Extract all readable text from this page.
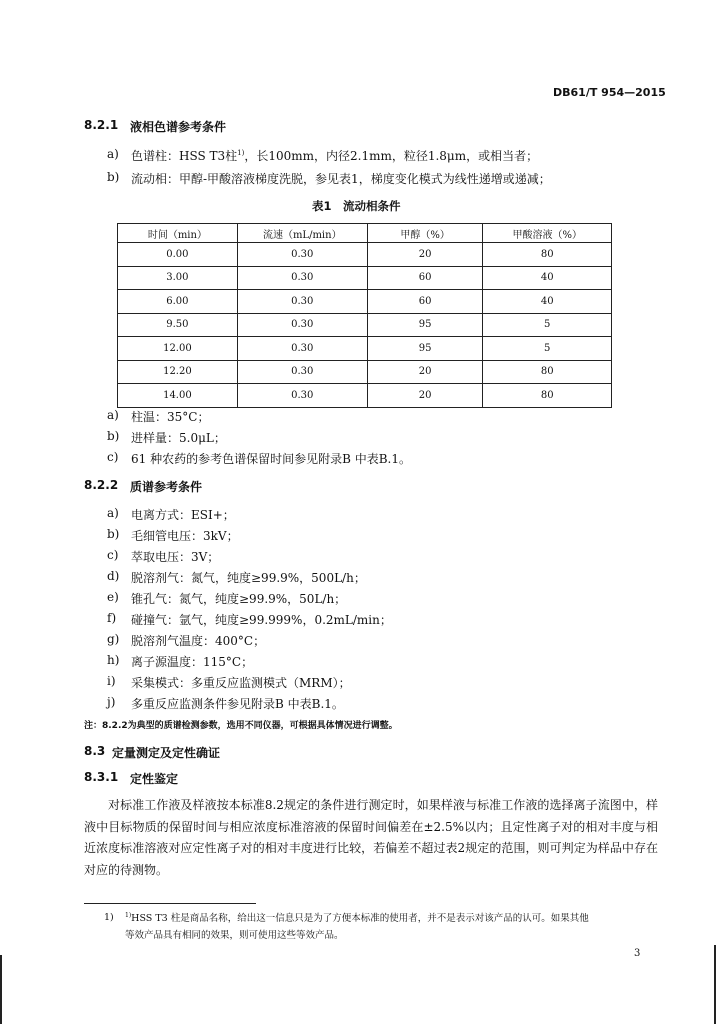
DB61/T 954—2015
8.2.1 液相色谱参考条件
a) 色谱柱：HSS T3柱$^{1)}$，长100mm，内径2.1mm，粒径1.8μm，或相当者；
b) 流动相：甲醇-甲酸溶液梯度洗脱，参见表1，梯度变化模式为线性递增或递减；
表1　流动相条件
时间（min）	流速（mL/min）	甲醇（%）	甲酸溶液（%）
0.00	0.30	20	80
3.00	0.30	60	40
6.00	0.30	60	40
9.50	0.30	95	5
12.00	0.30	95	5
12.20	0.30	20	80
14.00	0.30	20	80
a) 柱温：35°C；
b) 进样量：5.0μL；
c) 61 种农药的参考色谱保留时间参见附录B 中表B.1。
8.2.2 质谱参考条件
a) 电离方式：ESI+；
b) 毛细管电压：3kV；
c) 萃取电压：3V；
d) 脱溶剂气：氮气，纯度≥99.9%，500L/h；
e) 锥孔气：氮气，纯度≥99.9%，50L/h；
f) 碰撞气：氩气，纯度≥99.999%，0.2mL/min；
g) 脱溶剂气温度：400°C；
h) 离子源温度：115°C；
i) 采集模式：多重反应监测模式（MRM）；
j) 多重反应监测条件参见附录B 中表B.1。
注：8.2.2为典型的质谱检测参数，选用不同仪器，可根据具体情况进行调整。
8.3 定量测定及定性确证
8.3.1 定性鉴定
对标准工作液及样液按本标准8.2规定的条件进行测定时，如果样液与标准工作液的选择离子流图中，样液中目标物质的保留时间与相应浓度标准溶液的保留时间偏差在±2.5%以内；且定性离子对的相对丰度与相近浓度标准溶液对应定性离子对的相对丰度进行比较，若偏差不超过表2规定的范围，则可判定为样品中存在对应的待测物。
1) $^{1)}$HSS T3 柱是商品名称，给出这一信息只是为了方便本标准的使用者，并不是表示对该产品的认可。如果其他
等效产品具有相同的效果，则可使用这些等效产品。
3
